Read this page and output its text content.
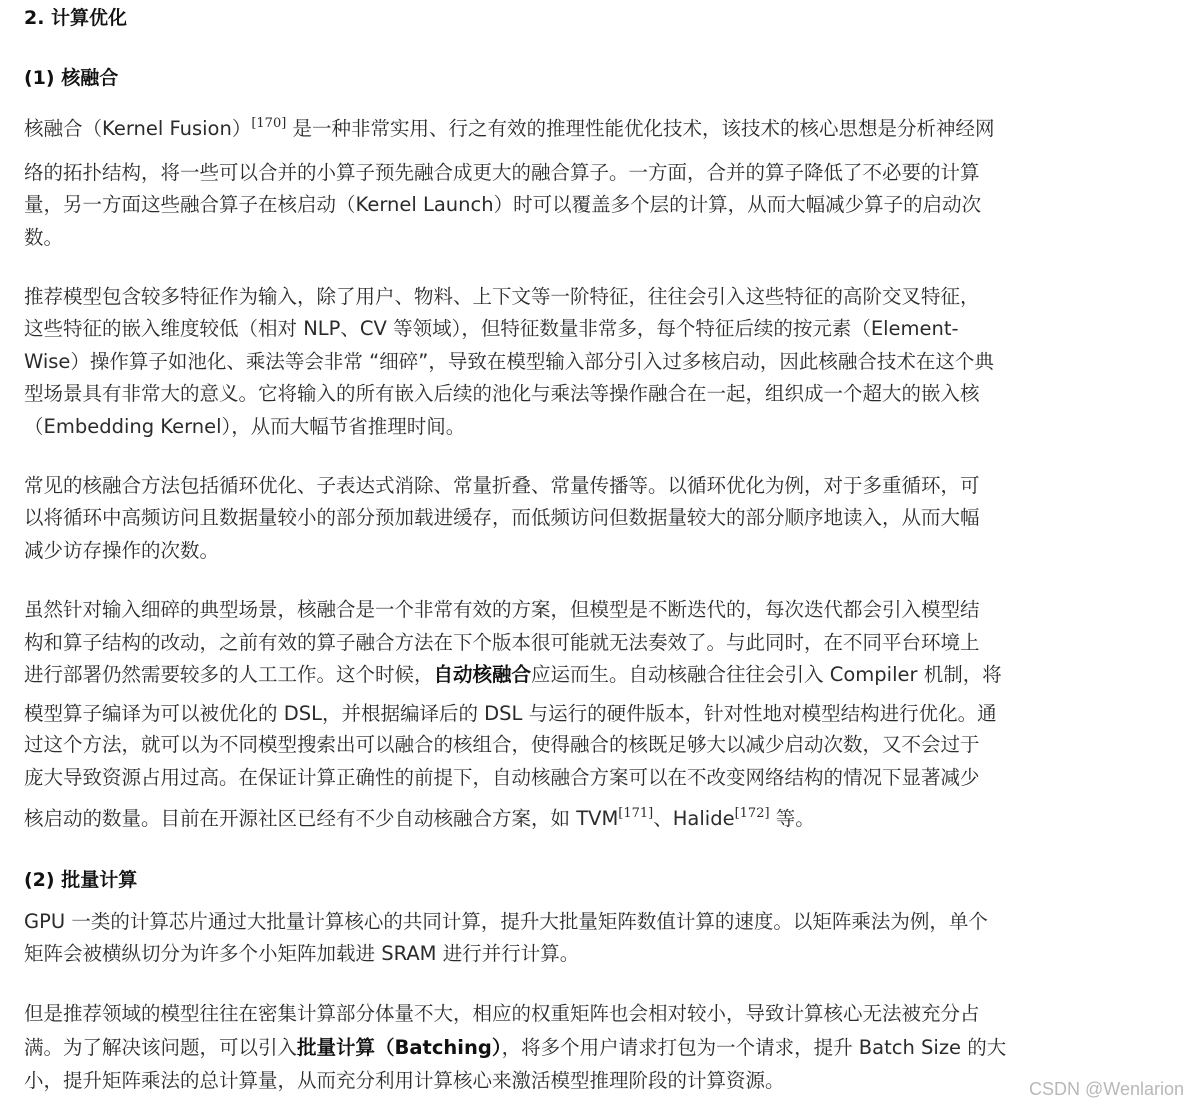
2. 计算优化
(1) 核融合
核融合（Kernel Fusion）[170] 是一种非常实用、行之有效的推理性能优化技术，该技术的核心思想是分析神经网
络的拓扑结构，将一些可以合并的小算子预先融合成更大的融合算子。一方面，合并的算子降低了不必要的计算
量，另一方面这些融合算子在核启动（Kernel Launch）时可以覆盖多个层的计算，从而大幅减少算子的启动次
数。
推荐模型包含较多特征作为输入，除了用户、物料、上下文等一阶特征，往往会引入这些特征的高阶交叉特征，
这些特征的嵌入维度较低（相对 NLP、CV 等领域），但特征数量非常多，每个特征后续的按元素（Element-
Wise）操作算子如池化、乘法等会非常 “细碎”，导致在模型输入部分引入过多核启动，因此核融合技术在这个典
型场景具有非常大的意义。它将输入的所有嵌入后续的池化与乘法等操作融合在一起，组织成一个超大的嵌入核
（Embedding Kernel），从而大幅节省推理时间。
常见的核融合方法包括循环优化、子表达式消除、常量折叠、常量传播等。以循环优化为例，对于多重循环，可
以将循环中高频访问且数据量较小的部分预加载进缓存，而低频访问但数据量较大的部分顺序地读入，从而大幅
减少访存操作的次数。
虽然针对输入细碎的典型场景，核融合是一个非常有效的方案，但模型是不断迭代的，每次迭代都会引入模型结
构和算子结构的改动，之前有效的算子融合方法在下个版本很可能就无法奏效了。与此同时，在不同平台环境上
进行部署仍然需要较多的人工工作。这个时候，自动核融合应运而生。自动核融合往往会引入 Compiler 机制，将
模型算子编译为可以被优化的 DSL，并根据编译后的 DSL 与运行的硬件版本，针对性地对模型结构进行优化。通
过这个方法，就可以为不同模型搜索出可以融合的核组合，使得融合的核既足够大以减少启动次数，又不会过于
庞大导致资源占用过高。在保证计算正确性的前提下，自动核融合方案可以在不改变网络结构的情况下显著减少
核启动的数量。目前在开源社区已经有不少自动核融合方案，如 TVM[171]、Halide[172] 等。
(2) 批量计算
GPU 一类的计算芯片通过大批量计算核心的共同计算，提升大批量矩阵数值计算的速度。以矩阵乘法为例，单个
矩阵会被横纵切分为许多个小矩阵加载进 SRAM 进行并行计算。
但是推荐领域的模型往往在密集计算部分体量不大，相应的权重矩阵也会相对较小，导致计算核心无法被充分占
满。为了解决该问题，可以引入批量计算（Batching），将多个用户请求打包为一个请求，提升 Batch Size 的大
小，提升矩阵乘法的总计算量，从而充分利用计算核心来激活模型推理阶段的计算资源。	CSDN @Wenlarion
